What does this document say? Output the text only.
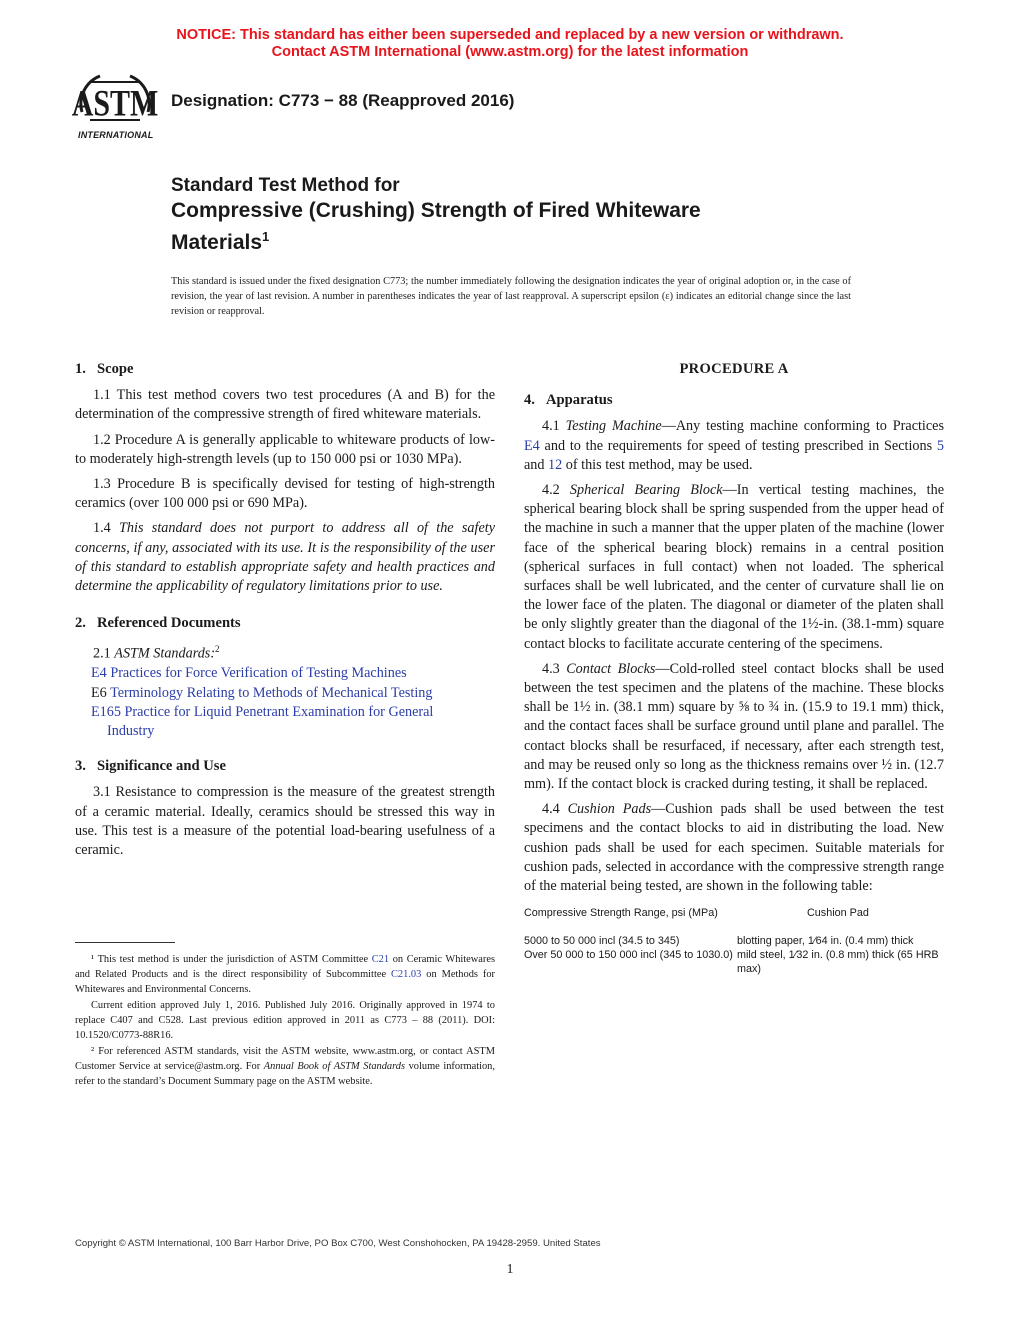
NOTICE: This standard has either been superseded and replaced by a new version or withdrawn.
Contact ASTM International (www.astm.org) for the latest information
ASTM
INTERNATIONAL
Designation: C773 − 88 (Reapproved 2016)
Standard Test Method for
Compressive (Crushing) Strength of Fired Whiteware
Materials$^1$
This standard is issued under the fixed designation C773; the number immediately following the designation indicates the year of original adoption or, in the case of revision, the year of last revision. A number in parentheses indicates the year of last reapproval. A superscript epsilon (ε) indicates an editorial change since the last revision or reapproval.
1. Scope
1.1 This test method covers two test procedures (A and B) for the determination of the compressive strength of fired whiteware materials.
1.2 Procedure A is generally applicable to whiteware products of low- to moderately high-strength levels (up to 150 000 psi or 1030 MPa).
1.3 Procedure B is specifically devised for testing of high-strength ceramics (over 100 000 psi or 690 MPa).
1.4 This standard does not purport to address all of the safety concerns, if any, associated with its use. It is the responsibility of the user of this standard to establish appropriate safety and health practices and determine the applicability of regulatory limitations prior to use.
2. Referenced Documents
2.1 ASTM Standards:$^2$
E4 Practices for Force Verification of Testing Machines
E6 Terminology Relating to Methods of Mechanical Testing
E165 Practice for Liquid Penetrant Examination for General
Industry
3. Significance and Use
3.1 Resistance to compression is the measure of the greatest strength of a ceramic material. Ideally, ceramics should be stressed this way in use. This test is a measure of the potential load-bearing usefulness of a ceramic.
PROCEDURE A
4. Apparatus
4.1 Testing Machine—Any testing machine conforming to Practices E4 and to the requirements for speed of testing prescribed in Sections 5 and 12 of this test method, may be used.
4.2 Spherical Bearing Block—In vertical testing machines, the spherical bearing block shall be spring suspended from the upper head of the machine in such a manner that the upper platen of the machine (lower face of the spherical bearing block) remains in a central position (spherical surfaces in full contact) when not loaded. The spherical surfaces shall be well lubricated, and the center of curvature shall lie on the lower face of the platen. The diagonal or diameter of the platen shall be only slightly greater than the diagonal of the 1½-in. (38.1-mm) square contact blocks to facilitate accurate centering of the specimens.
4.3 Contact Blocks—Cold-rolled steel contact blocks shall be used between the test specimen and the platens of the machine. These blocks shall be 1½ in. (38.1 mm) square by ⅝ to ¾ in. (15.9 to 19.1 mm) thick, and the contact faces shall be surface ground until plane and parallel. The contact blocks shall be resurfaced, if necessary, after each strength test, and may be reused only so long as the thickness remains over ½ in. (12.7 mm). If the contact block is cracked during testing, it shall be replaced.
4.4 Cushion Pads—Cushion pads shall be used between the test specimens and the contact blocks to aid in distributing the load. New cushion pads shall be used for each specimen. Suitable materials for cushion pads, selected in accordance with the compressive strength range of the material being tested, are shown in the following table:
Compressive Strength Range, psi (MPa)	Cushion Pad
5000 to 50 000 incl (34.5 to 345)	blotting paper, 1⁄64 in. (0.4 mm) thick
Over 50 000 to 150 000 incl (345 to 1030.0) mild steel, 1⁄32 in. (0.8 mm) thick (65 HRB max)
¹ This test method is under the jurisdiction of ASTM Committee C21 on Ceramic Whitewares and Related Products and is the direct responsibility of Subcommittee C21.03 on Methods for Whitewares and Environmental Concerns.
Current edition approved July 1, 2016. Published July 2016. Originally approved in 1974 to replace C407 and C528. Last previous edition approved in 2011 as C773 – 88 (2011). DOI: 10.1520/C0773-88R16.
² For referenced ASTM standards, visit the ASTM website, www.astm.org, or contact ASTM Customer Service at service@astm.org. For Annual Book of ASTM Standards volume information, refer to the standard’s Document Summary page on the ASTM website.
Copyright © ASTM International, 100 Barr Harbor Drive, PO Box C700, West Conshohocken, PA 19428-2959. United States
1
